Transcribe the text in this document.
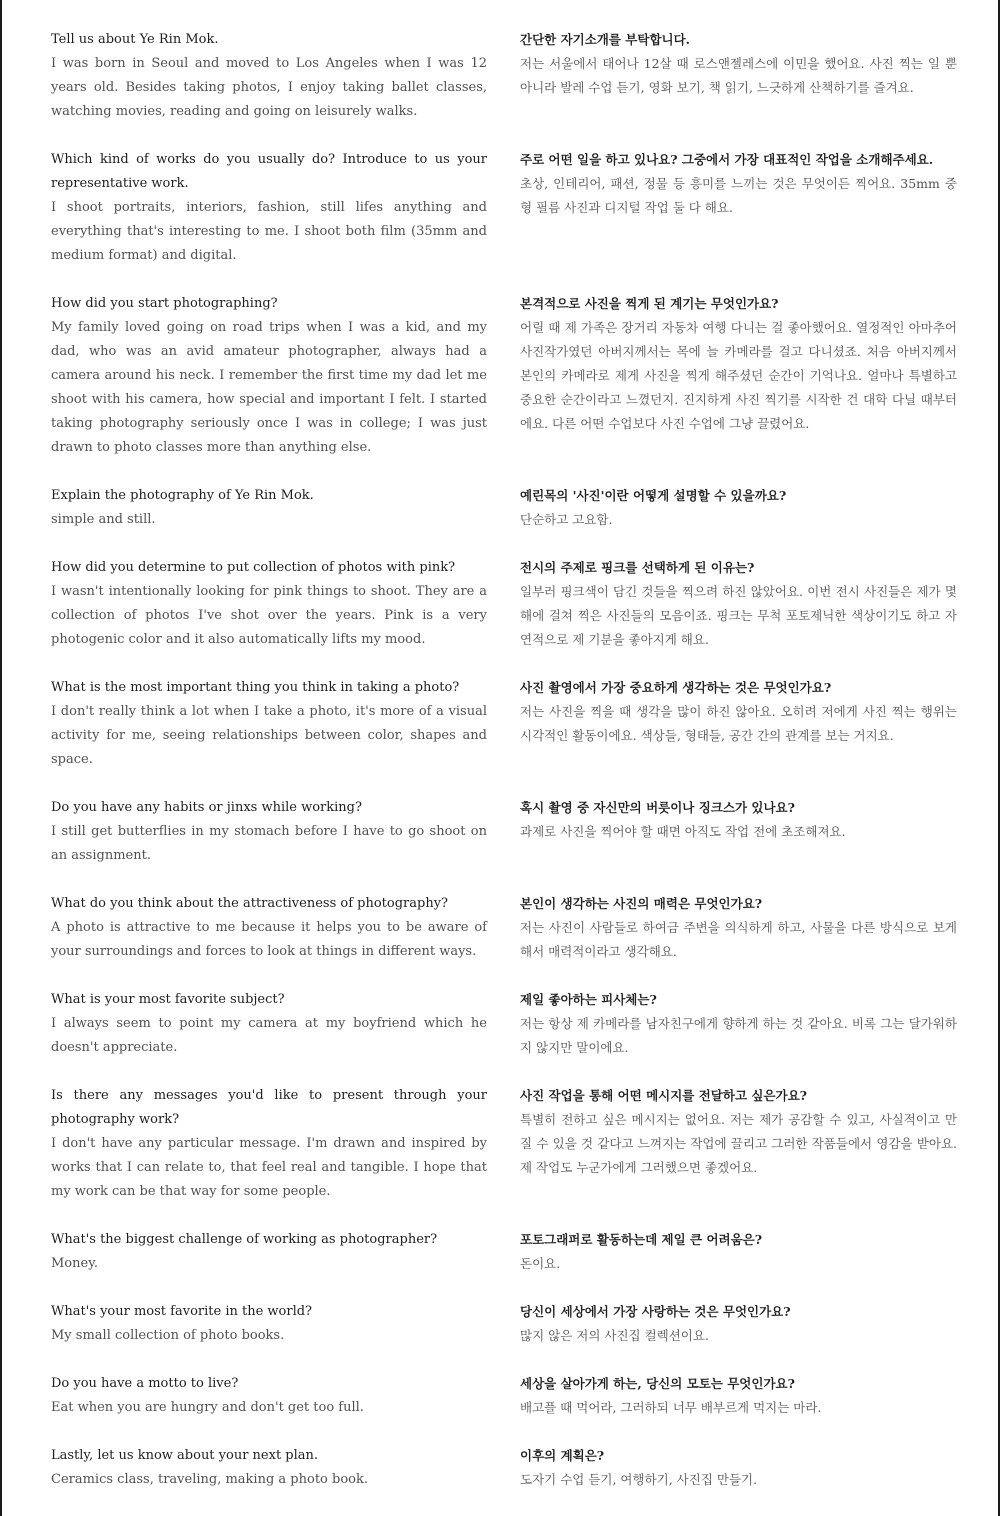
Tell us about Ye Rin Mok.

I was born in Seoul and moved to Los Angeles when I was 12 years old. Besides taking photos, I enjoy taking ballet classes, watching movies, reading and going on leisurely walks.

Which kind of works do you usually do? Introduce to us your representative work.

I shoot portraits, interiors, fashion, still lifes anything and everything that's interesting to me. I shoot both film (35mm and medium format) and digital.

How did you start photographing?

My family loved going on road trips when I was a kid, and my dad, who was an avid amateur photographer, always had a camera around his neck. I remember the first time my dad let me shoot with his camera, how special and important I felt. I started taking photography seriously once I was in college; I was just drawn to photo classes more than anything else.

Explain the photography of Ye Rin Mok.

simple and still.

How did you determine to put collection of photos with pink?

I wasn't intentionally looking for pink things to shoot. They are a collection of photos I've shot over the years. Pink is a very photogenic color and it also automatically lifts my mood.

What is the most important thing you think in taking a photo?

I don't really think a lot when I take a photo, it's more of a visual activity for me, seeing relationships between color, shapes and space.

Do you have any habits or jinxs while working?

I still get butterflies in my stomach before I have to go shoot on an assignment.

What do you think about the attractiveness of photography?

A photo is attractive to me because it helps you to be aware of your surroundings and forces to look at things in different ways.

What is your most favorite subject?

I always seem to point my camera at my boyfriend which he doesn't appreciate.

Is there any messages you'd like to present through your photography work?

I don't have any particular message. I'm drawn and inspired by works that I can relate to, that feel real and tangible. I hope that my work can be that way for some people.

What's the biggest challenge of working as photographer?

Money.

What's your most favorite in the world?

My small collection of photo books.

Do you have a motto to live?

Eat when you are hungry and don't get too full.

Lastly, let us know about your next plan.

Ceramics class, traveling, making a photo book.

간단한 자기소개를 부탁합니다.

저는 서울에서 태어나 12살 때 로스앤젤레스에 이민을 했어요. 사진 찍는 일 뿐 아니라 발레 수업 듣기, 영화 보기, 책 읽기, 느긋하게 산책하기를 즐겨요.

주로 어떤 일을 하고 있나요? 그중에서 가장 대표적인 작업을 소개해주세요.

초상, 인테리어, 패션, 정물 등 흥미를 느끼는 것은 무엇이든 찍어요. 35mm 중형 필름 사진과 디지털 작업 둘 다 해요.

본격적으로 사진을 찍게 된 계기는 무엇인가요?

어릴 때 제 가족은 장거리 자동차 여행 다니는 걸 좋아했어요. 열정적인 아마추어 사진작가였던 아버지께서는 목에 늘 카메라를 걸고 다니셨죠. 처음 아버지께서 본인의 카메라로 제게 사진을 찍게 해주셨던 순간이 기억나요. 얼마나 특별하고 중요한 순간이라고 느꼈던지. 진지하게 사진 찍기를 시작한 건 대학 다닐 때부터에요. 다른 어떤 수업보다 사진 수업에 그냥 끌렸어요.

예린목의 '사진'이란 어떻게 설명할 수 있을까요?

단순하고 고요함.

전시의 주제로 핑크를 선택하게 된 이유는?

일부러 핑크색이 담긴 것들을 찍으려 하진 않았어요. 이번 전시 사진들은 제가 몇 해에 걸쳐 찍은 사진들의 모음이죠. 핑크는 무척 포토제닉한 색상이기도 하고 자연적으로 제 기분을 좋아지게 해요.

사진 촬영에서 가장 중요하게 생각하는 것은 무엇인가요?

저는 사진을 찍을 때 생각을 많이 하진 않아요. 오히려 저에게 사진 찍는 행위는 시각적인 활동이에요. 색상들, 형태들, 공간 간의 관계를 보는 거지요.

혹시 촬영 중 자신만의 버릇이나 징크스가 있나요?

과제로 사진을 찍어야 할 때면 아직도 작업 전에 초조해져요.

본인이 생각하는 사진의 매력은 무엇인가요?

저는 사진이 사람들로 하여금 주변을 의식하게 하고, 사물을 다른 방식으로 보게 해서 매력적이라고 생각해요.

제일 좋아하는 피사체는?

저는 항상 제 카메라를 남자친구에게 향하게 하는 것 같아요. 비록 그는 달가워하지 않지만 말이에요.

사진 작업을 통해 어떤 메시지를 전달하고 싶은가요?

특별히 전하고 싶은 메시지는 없어요. 저는 제가 공감할 수 있고, 사실적이고 만질 수 있을 것 같다고 느껴지는 작업에 끌리고 그러한 작품들에서 영감을 받아요. 제 작업도 누군가에게 그러했으면 좋겠어요.

포토그래퍼로 활동하는데 제일 큰 어려움은?

돈이요.

당신이 세상에서 가장 사랑하는 것은 무엇인가요?

많지 않은 저의 사진집 컬렉션이요.

세상을 살아가게 하는, 당신의 모토는 무엇인가요?

배고플 때 먹어라, 그러하되 너무 배부르게 먹지는 마라.

이후의 계획은?

도자기 수업 듣기, 여행하기, 사진집 만들기.
